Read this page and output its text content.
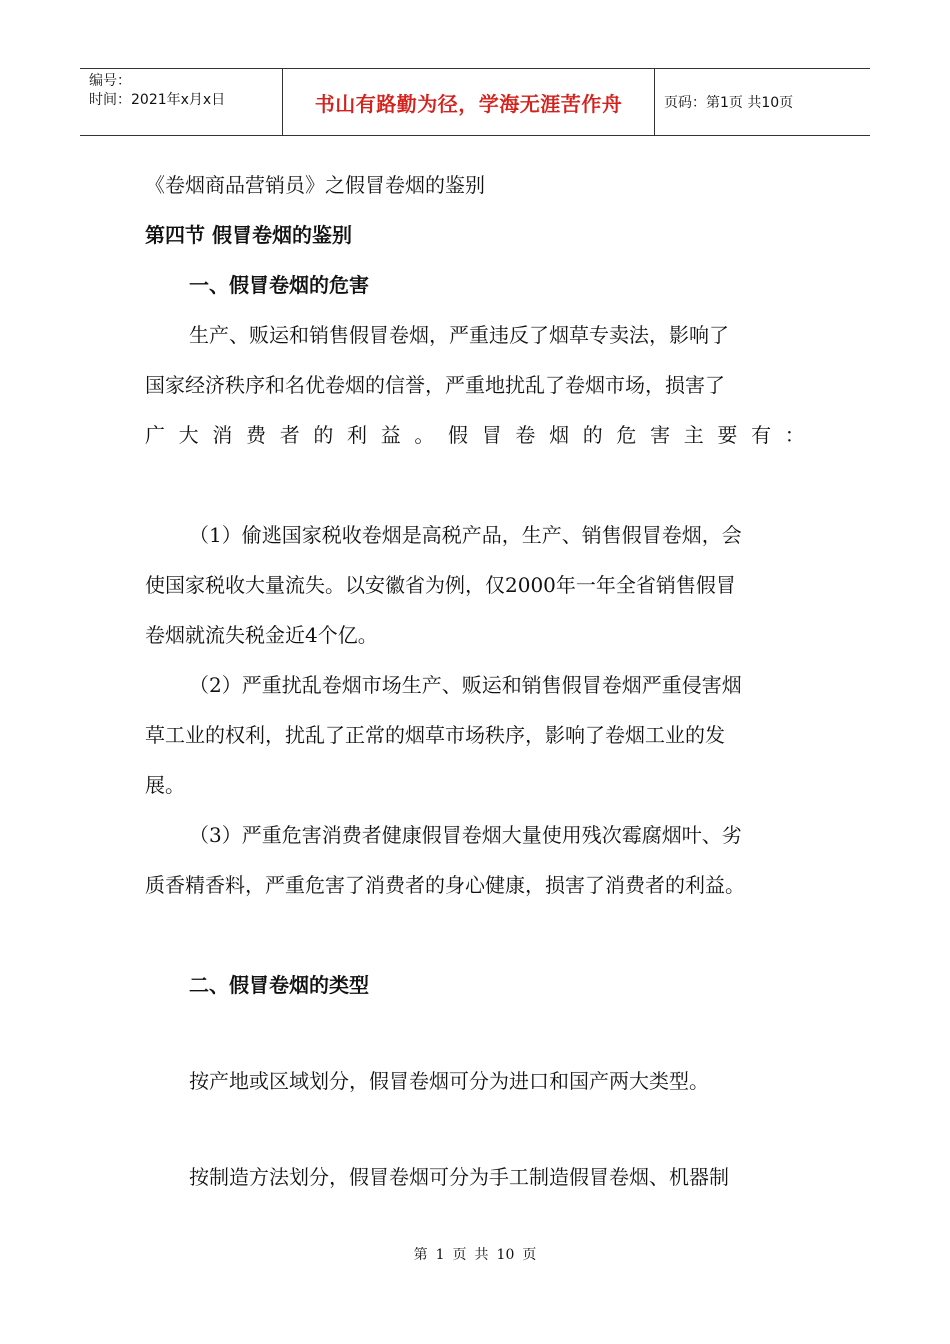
编号：
时间：2021年x月x日	书山有路勤为径，学海无涯苦作舟	页码：第1页 共10页
《卷烟商品营销员》之假冒卷烟的鉴别
第四节 假冒卷烟的鉴别
一、假冒卷烟的危害
生产、贩运和销售假冒卷烟，严重违反了烟草专卖法，影响了
国家经济秩序和名优卷烟的信誉，严重地扰乱了卷烟市场，损害了
广 大 消 费 者 的 利 益 。 假 冒 卷 烟 的 危 害 主 要 有 ：
（1）偷逃国家税收卷烟是高税产品，生产、销售假冒卷烟，会
使国家税收大量流失。以安徽省为例，仅2000年一年全省销售假冒
卷烟就流失税金近4个亿。
（2）严重扰乱卷烟市场生产、贩运和销售假冒卷烟严重侵害烟
草工业的权利，扰乱了正常的烟草市场秩序，影响了卷烟工业的发
展。
（3）严重危害消费者健康假冒卷烟大量使用残次霉腐烟叶、劣
质香精香料，严重危害了消费者的身心健康，损害了消费者的利益。
二、假冒卷烟的类型
按产地或区域划分，假冒卷烟可分为进口和国产两大类型。
按制造方法划分，假冒卷烟可分为手工制造假冒卷烟、机器制
第 1 页 共 10 页
